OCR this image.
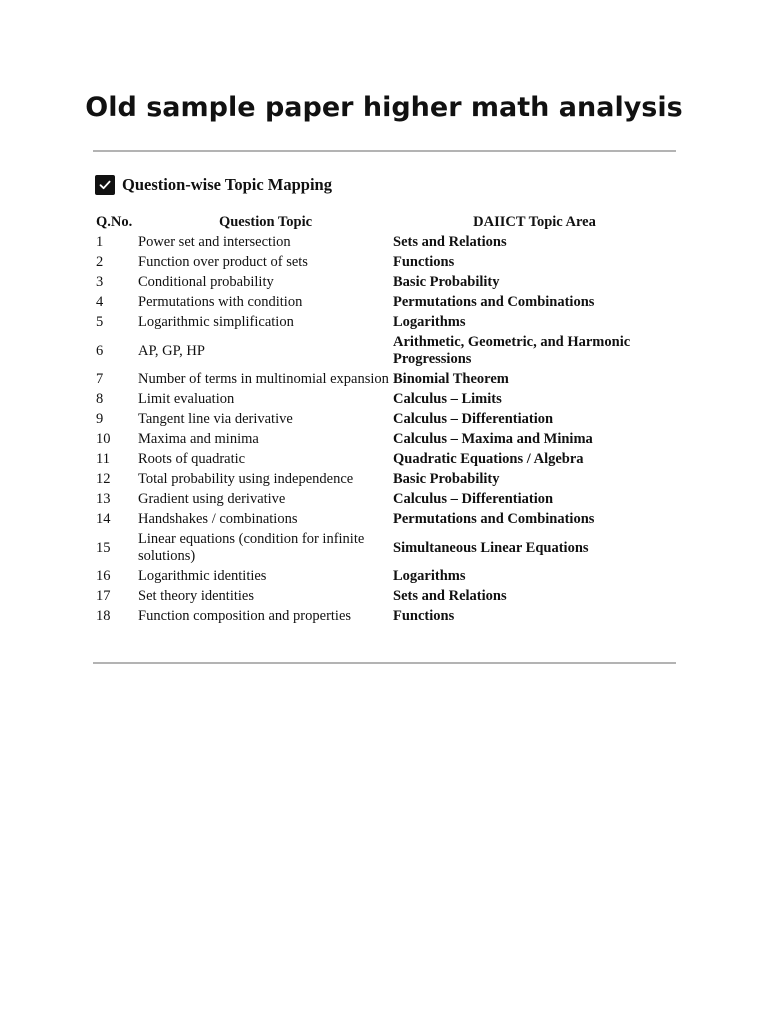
Old sample paper higher math analysis
Question-wise Topic Mapping
Q.No.	Question Topic	DAIICT Topic Area
1	Power set and intersection	Sets and Relations
2	Function over product of sets	Functions
3	Conditional probability	Basic Probability
4	Permutations with condition	Permutations and Combinations
5	Logarithmic simplification	Logarithms
6	AP, GP, HP	Arithmetic, Geometric, and Harmonic Progressions
7	Number of terms in multinomial expansion	Binomial Theorem
8	Limit evaluation	Calculus – Limits
9	Tangent line via derivative	Calculus – Differentiation
10	Maxima and minima	Calculus – Maxima and Minima
11	Roots of quadratic	Quadratic Equations / Algebra
12	Total probability using independence	Basic Probability
13	Gradient using derivative	Calculus – Differentiation
14	Handshakes / combinations	Permutations and Combinations
15	Linear equations (condition for infinite solutions)	Simultaneous Linear Equations
16	Logarithmic identities	Logarithms
17	Set theory identities	Sets and Relations
18	Function composition and properties	Functions
